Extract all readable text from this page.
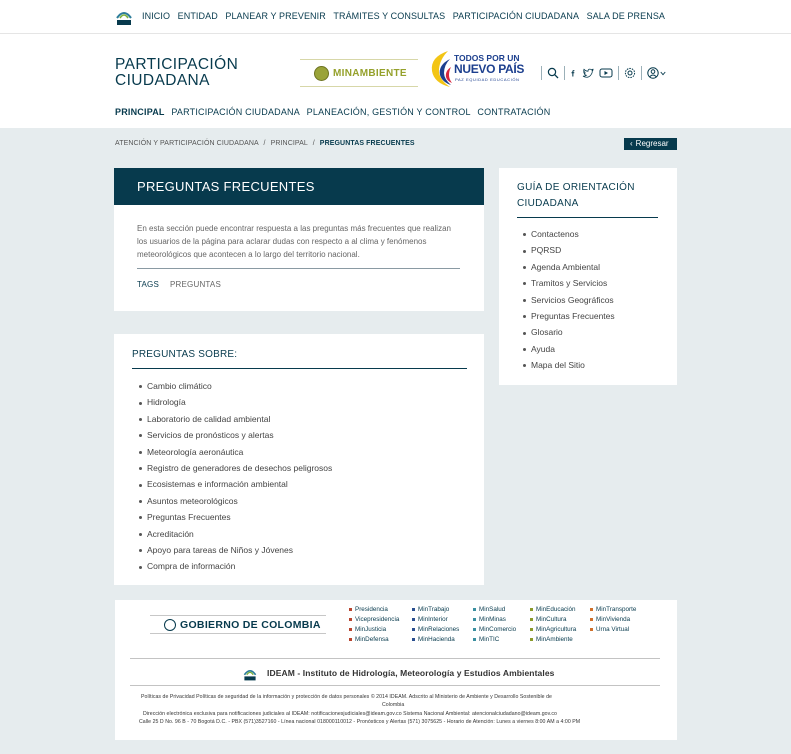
INICIO ENTIDAD PLANEAR Y PREVENIR TRÁMITES Y CONSULTAS PARTICIPACIÓN CIUDADANA SALA DE PRENSA
PARTICIPACIÓN
CIUDADANA	MINAMBIENTE
TODOS POR UN
NUEVO PAÍS
PAZ EQUIDAD EDUCACIÓN
PRINCIPAL PARTICIPACIÓN CIUDADANA PLANEACIÓN, GESTIÓN Y CONTROL CONTRATACIÓN
ATENCIÓN Y PARTICIPACIÓN CIUDADANA / PRINCIPAL / PREGUNTAS FRECUENTES	‹ Regresar
PREGUNTAS FRECUENTES
En esta sección puede encontrar respuesta a las preguntas más frecuentes que realizan los usuarios de la página para aclarar dudas con respecto a al clima y fenómenos meteorológicos que acontecen a lo largo del territorio nacional.
TAGS PREGUNTAS
PREGUNTAS SOBRE:
Cambio climático
Hidrología
Laboratorio de calidad ambiental
Servicios de pronósticos y alertas
Meteorología aeronáutica
Registro de generadores de desechos peligrosos
Ecosistemas e información ambiental
Asuntos meteorológicos
Preguntas Frecuentes
Acreditación
Apoyo para tareas de Niños y Jóvenes
Compra de información
GUÍA DE ORIENTACIÓN CIUDADANA
Contactenos
PQRSD
Agenda Ambiental
Tramitos y Servicios
Servicios Geográficos
Preguntas Frecuentes
Glosario
Ayuda
Mapa del Sitio
GOBIERNO DE COLOMBIA
Presidencia
Vicepresidencia
MinJusticia
MinDefensa
MinTrabajo
MinInterior
MinRelaciones
MinHacienda
MinSalud
MinMinas
MinComercio
MinTIC
MinEducación
MinCultura
MinAgricultura
MinAmbiente
MinTransporte
MinVivienda
Urna Virtual
IDEAM - Instituto de Hidrología, Meteorología y Estudios Ambientales
Políticas de Privacidad Políticas de seguridad de la información y protección de datos personales © 2014 IDEAM. Adscrito al Ministerio de Ambiente y Desarrollo Sostenible de
Colombia
Dirección electrónica exclusiva para notificaciones judiciales al IDEAM: notificacionesjudiciales@ideam.gov.co Sistema Nacional Ambiental: atencionalciudadano@ideam.gov.co
Calle 25 D No. 96 B - 70 Bogotá D.C. - PBX (571)3527160 - Línea nacional 018000110012 - Pronósticos y Alertas (571) 3075625 - Horario de Atención: Lunes a viernes 8:00 AM a 4:00 PM
